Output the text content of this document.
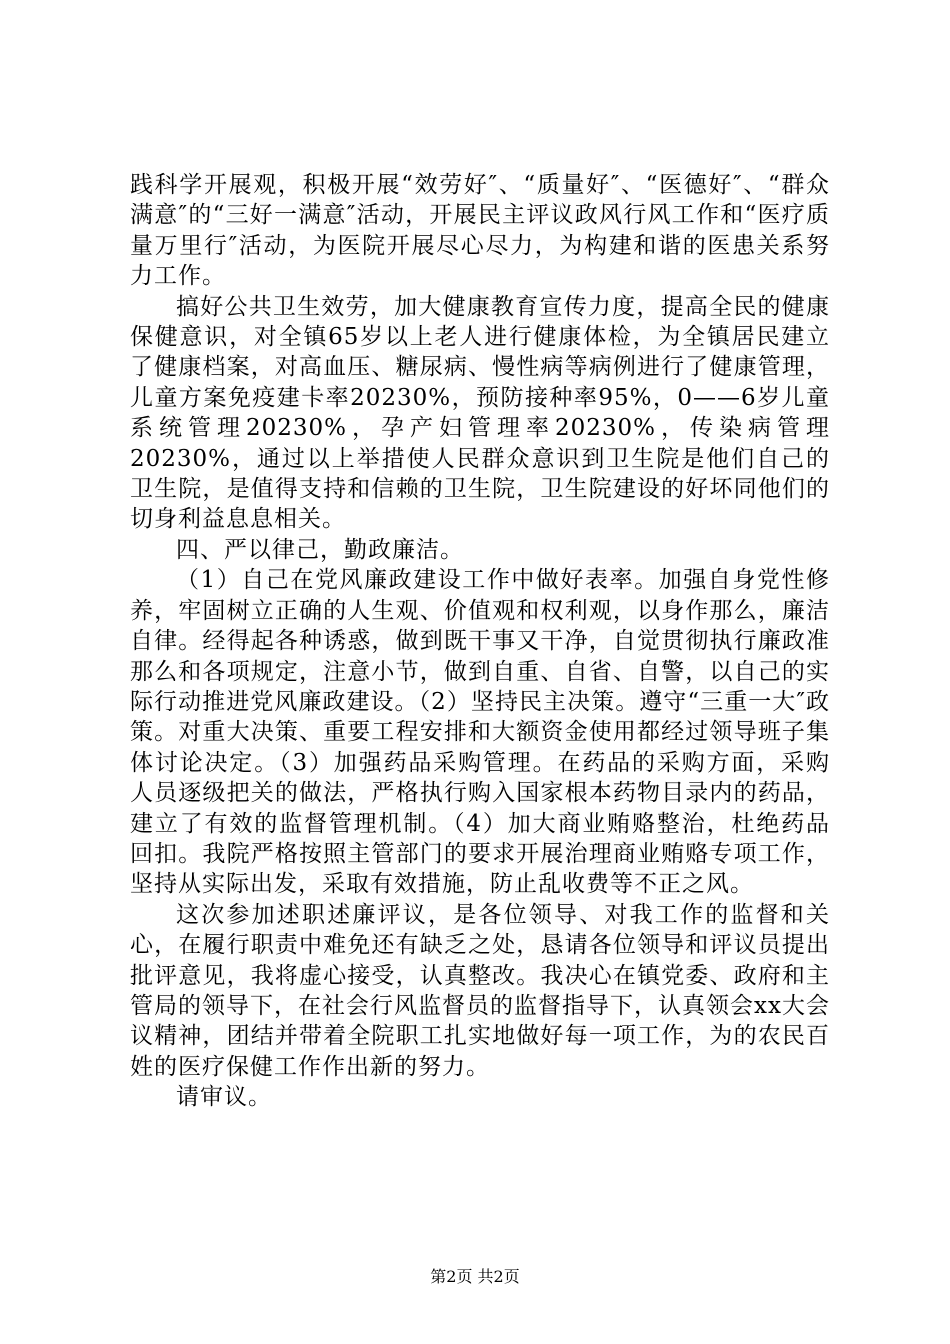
践科学开展观，积极开展“效劳好″、“质量好″、“医德好″、“群众满意″的“三好一满意″活动，开展民主评议政风行风工作和“医疗质量万里行″活动，为医院开展尽心尽力，为构建和谐的医患关系努力工作。

搞好公共卫生效劳，加大健康教育宣传力度，提高全民的健康保健意识，对全镇65岁以上老人进行健康体检，为全镇居民建立了健康档案，对高血压、糖尿病、慢性病等病例进行了健康管理，儿童方案免疫建卡率20230%，预防接种率95%，0——6岁儿童系统管理20230%，孕产妇管理率20230%，传染病管理20230%，通过以上举措使人民群众意识到卫生院是他们自己的卫生院，是值得支持和信赖的卫生院，卫生院建设的好坏同他们的切身利益息息相关。

四、严以律己，勤政廉洁。

（1）自己在党风廉政建设工作中做好表率。加强自身党性修养，牢固树立正确的人生观、价值观和权利观，以身作那么，廉洁自律。经得起各种诱惑，做到既干事又干净，自觉贯彻执行廉政准那么和各项规定，注意小节，做到自重、自省、自警，以自己的实际行动推进党风廉政建设。（2）坚持民主决策。遵守“三重一大″政策。对重大决策、重要工程安排和大额资金使用都经过领导班子集体讨论决定。（3）加强药品采购管理。在药品的采购方面，采购人员逐级把关的做法，严格执行购入国家根本药物目录内的药品，建立了有效的监督管理机制。（4）加大商业贿赂整治，杜绝药品回扣。我院严格按照主管部门的要求开展治理商业贿赂专项工作，坚持从实际出发，采取有效措施，防止乱收费等不正之风。

这次参加述职述廉评议，是各位领导、对我工作的监督和关心，在履行职责中难免还有缺乏之处，恳请各位领导和评议员提出批评意见，我将虚心接受，认真整改。我决心在镇党委、政府和主管局的领导下，在社会行风监督员的监督指导下，认真领会xx大会议精神，团结并带着全院职工扎实地做好每一项工作，为的农民百姓的医疗保健工作作出新的努力。

请审议。

第2页 共2页
